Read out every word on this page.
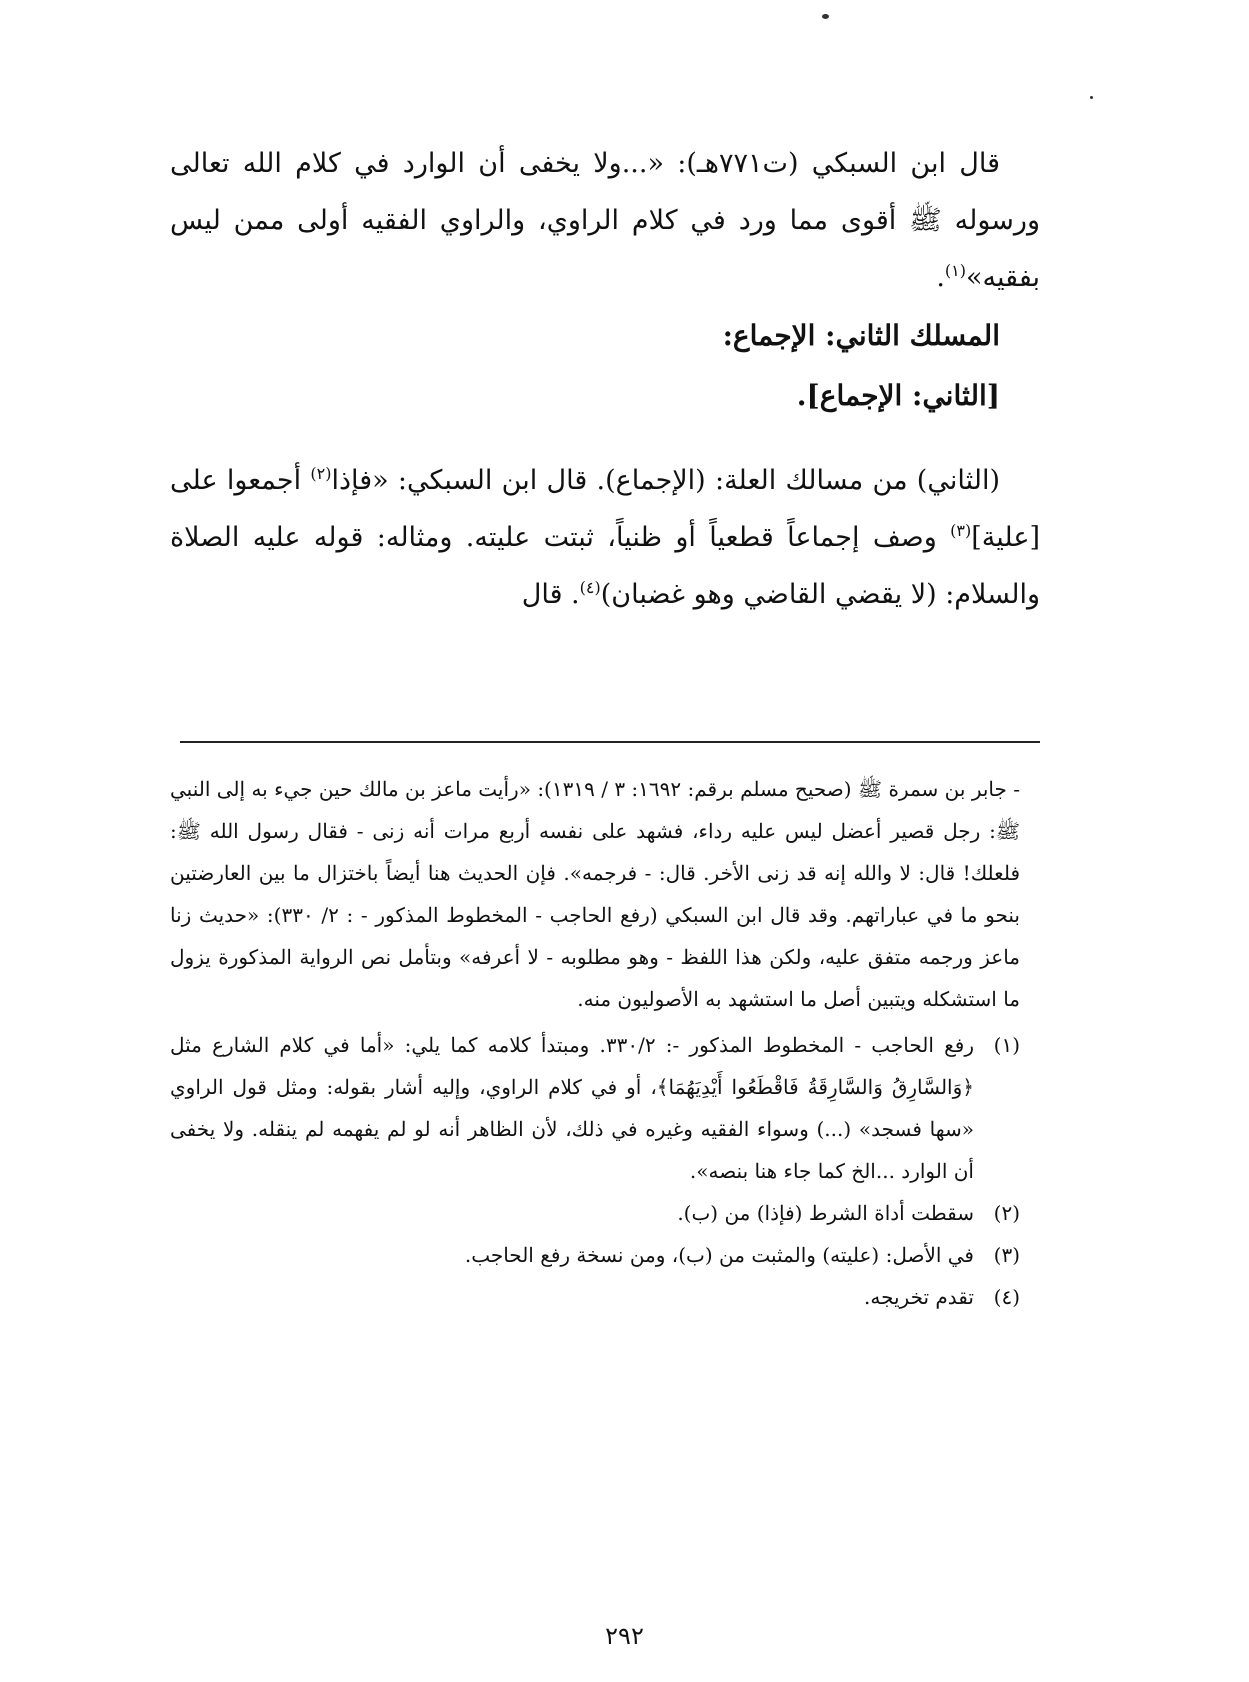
قال ابن السبكي (ت٧٧١هـ): «...ولا يخفى أن الوارد في كلام الله تعالى ورسوله ﷺ أقوى مما ورد في كلام الراوي، والراوي الفقيه أولى ممن ليس بفقيه»$^{(١)}$.

المسلك الثاني: الإجماع:

[الثاني: الإجماع].

(الثاني) من مسالك العلة: (الإجماع). قال ابن السبكي: «فإذا$^{(٢)}$ أجمعوا على [علية]$^{(٣)}$ وصف إجماعاً قطعياً أو ظنياً، ثبتت عليته. ومثاله: قوله عليه الصلاة والسلام: (لا يقضي القاضي وهو غضبان)$^{(٤)}$. قال

- جابر بن سمرة ﷺ (صحيح مسلم برقم: ١٦٩٢: ٣ / ١٣١٩): «رأيت ماعز بن مالك حين جيء به إلى النبي ﷺ: رجل قصير أعضل ليس عليه رداء، فشهد على نفسه أربع مرات أنه زنى - فقال رسول الله ﷺ: فلعلك! قال: لا والله إنه قد زنى الأخر. قال: - فرجمه». فإن الحديث هنا أيضاً باختزال ما بين العارضتين بنحو ما في عباراتهم. وقد قال ابن السبكي (رفع الحاجب - المخطوط المذكور - : ٢/ ٣٣٠): «حديث زنا ماعز ورجمه متفق عليه، ولكن هذا اللفظ - وهو مطلوبه - لا أعرفه» وبتأمل نص الرواية المذكورة يزول ما استشكله ويتبين أصل ما استشهد به الأصوليون منه.

(١)
رفع الحاجب - المخطوط المذكور -: ٣٣٠/٢. ومبتدأ كلامه كما يلي: «أما في كلام الشارع مثل ﴿وَالسَّارِقُ وَالسَّارِقَةُ فَاقْطَعُوا أَيْدِيَهُمَا﴾، أو في كلام الراوي، وإليه أشار بقوله: ومثل قول الراوي «سها فسجد» (...) وسواء الفقيه وغيره في ذلك، لأن الظاهر أنه لو لم يفهمه لم ينقله. ولا يخفى أن الوارد ...الخ كما جاء هنا بنصه».
(٢)
سقطت أداة الشرط (فإذا) من (ب).
(٣)
في الأصل: (عليته) والمثبت من (ب)، ومن نسخة رفع الحاجب.
(٤)
تقدم تخريجه.
٢٩٢
